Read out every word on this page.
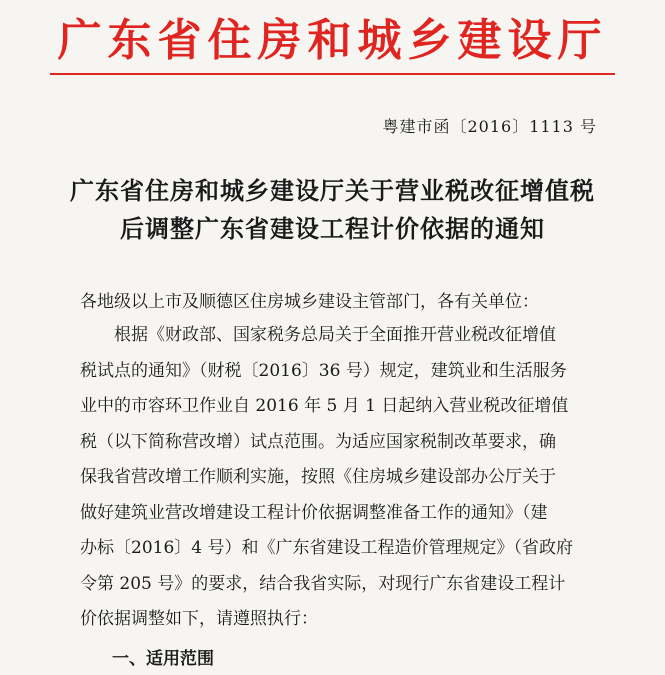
广东省住房和城乡建设厅
粤建市函〔2016〕1113 号
广东省住房和城乡建设厅关于营业税改征增值税
后调整广东省建设工程计价依据的通知
各地级以上市及顺德区住房城乡建设主管部门，各有关单位：
　　根据《财政部、国家税务总局关于全面推开营业税改征增值
税试点的通知》（财税〔2016〕36 号）规定，建筑业和生活服务
业中的市容环卫作业自 2016 年 5 月 1 日起纳入营业税改征增值
税（以下简称营改增）试点范围。为适应国家税制改革要求，确
保我省营改增工作顺利实施，按照《住房城乡建设部办公厅关于
做好建筑业营改增建设工程计价依据调整准备工作的通知》（建
办标〔2016〕4 号）和《广东省建设工程造价管理规定》（省政府
令第 205 号》的要求，结合我省实际，对现行广东省建设工程计
价依据调整如下，请遵照执行：
一、适用范围
